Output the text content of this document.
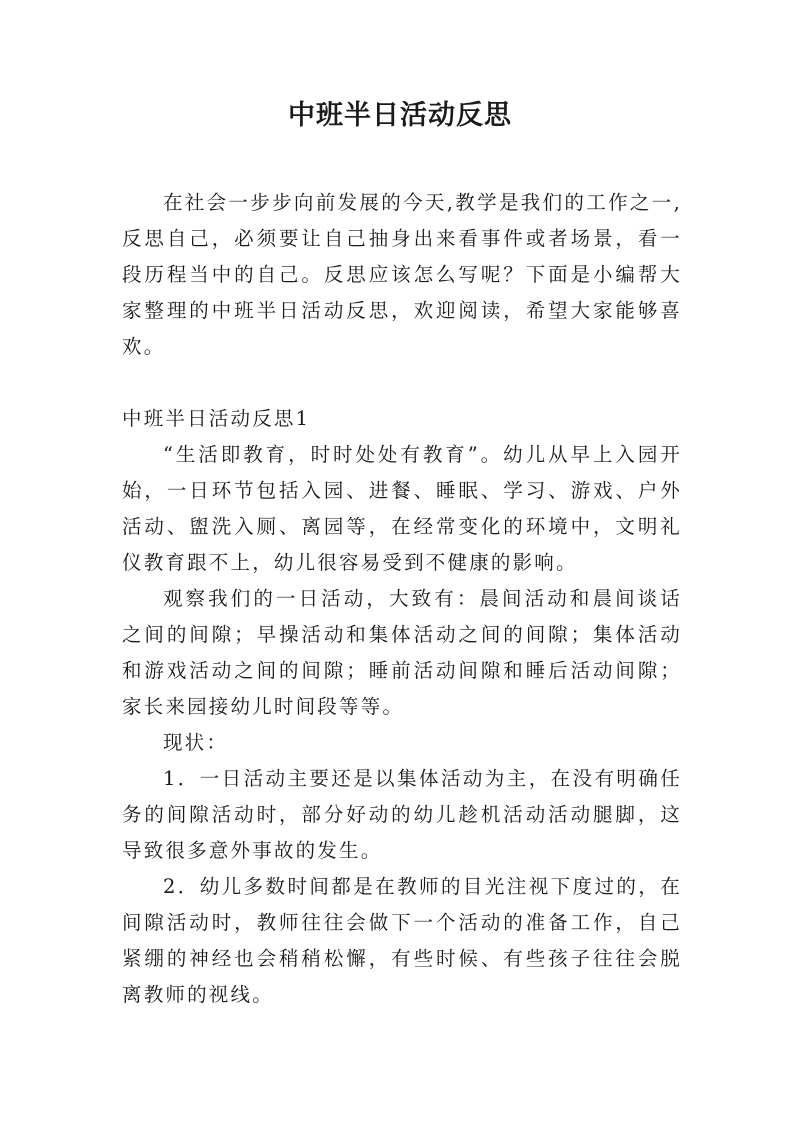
中班半日活动反思

在社会一步步向前发展的今天,教学是我们的工作之一,反思自己，必须要让自己抽身出来看事件或者场景，看一段历程当中的自己。反思应该怎么写呢？下面是小编帮大家整理的中班半日活动反思，欢迎阅读，希望大家能够喜欢。

中班半日活动反思1

“生活即教育，时时处处有教育”。幼儿从早上入园开始，一日环节包括入园、进餐、睡眠、学习、游戏、户外活动、盥洗入厕、离园等，在经常变化的环境中，文明礼仪教育跟不上，幼儿很容易受到不健康的影响。

观察我们的一日活动，大致有：晨间活动和晨间谈话之间的间隙；早操活动和集体活动之间的间隙；集体活动和游戏活动之间的间隙；睡前活动间隙和睡后活动间隙；家长来园接幼儿时间段等等。

现状：

1．一日活动主要还是以集体活动为主，在没有明确任务的间隙活动时，部分好动的幼儿趁机活动活动腿脚，这导致很多意外事故的发生。

2．幼儿多数时间都是在教师的目光注视下度过的，在间隙活动时，教师往往会做下一个活动的准备工作，自己紧绷的神经也会稍稍松懈，有些时候、有些孩子往往会脱离教师的视线。
